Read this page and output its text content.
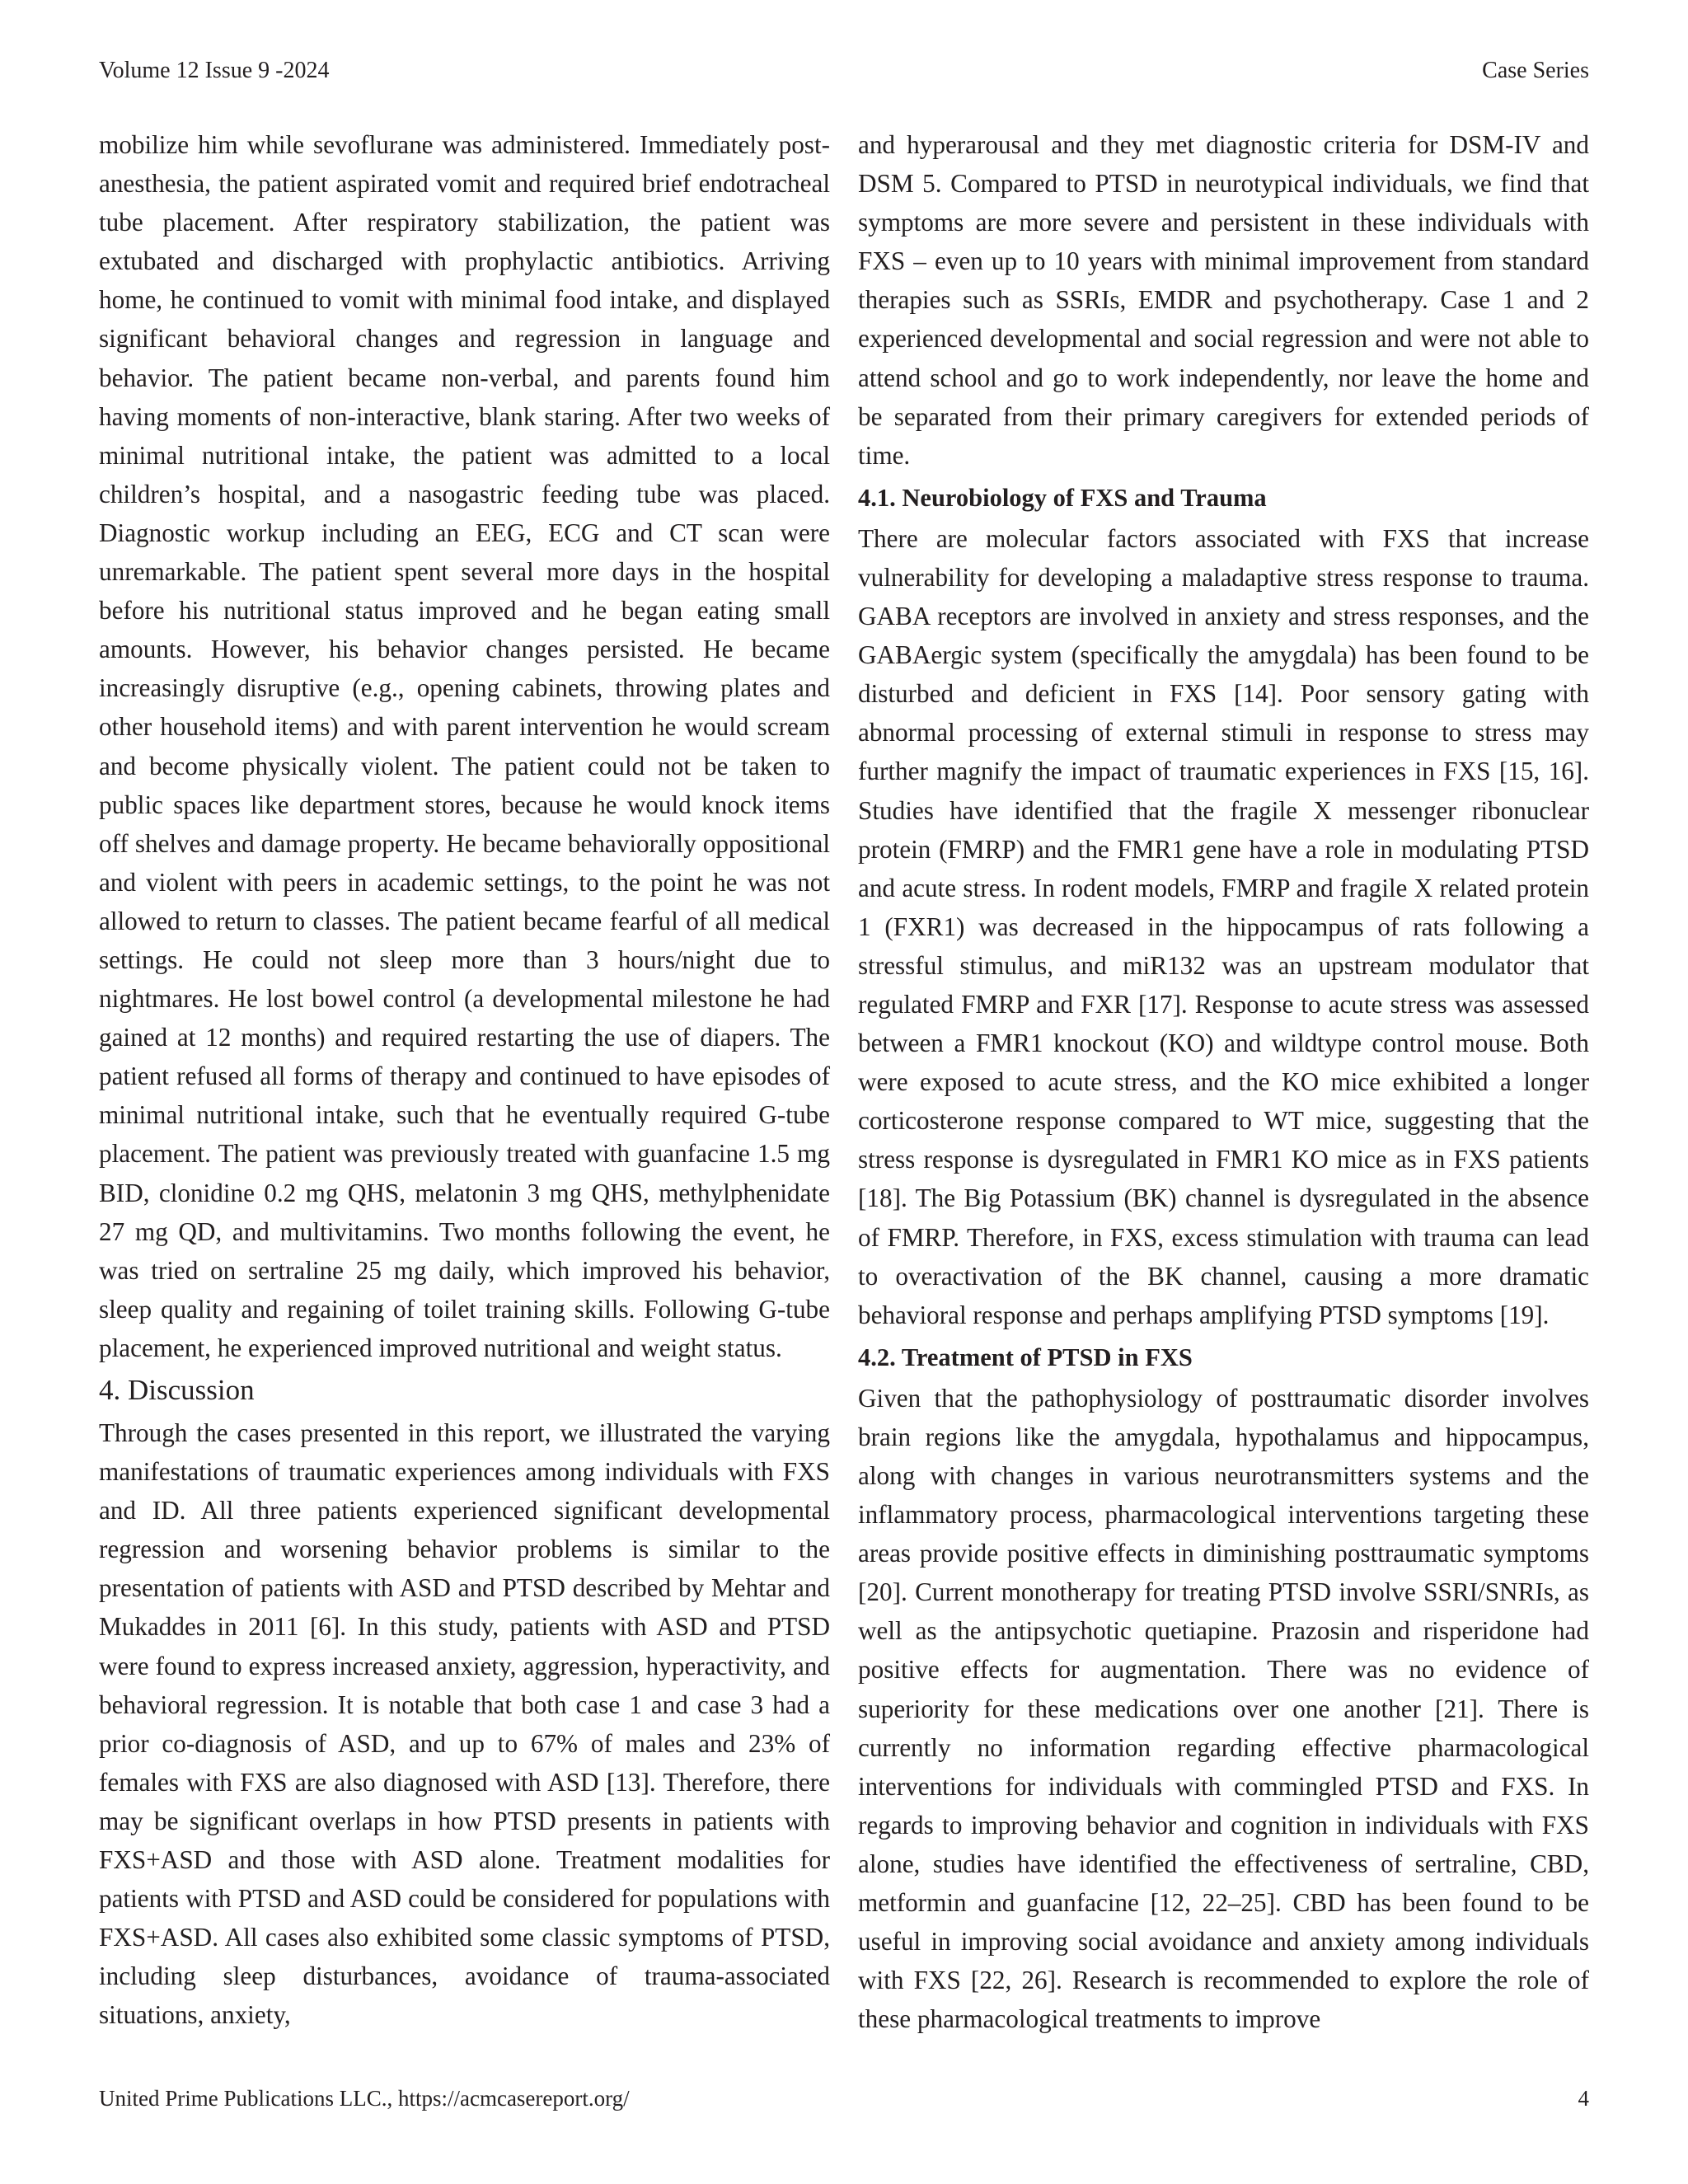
Volume 12 Issue 9 -2024	Case Series

mobilize him while sevoflurane was administered. Immediately post-anesthesia, the patient aspirated vomit and required brief endotracheal tube placement. After respiratory stabilization, the patient was extubated and discharged with prophylactic antibiotics. Arriving home, he continued to vomit with minimal food intake, and displayed significant behavioral changes and regression in language and behavior. The patient became non-verbal, and parents found him having moments of non-interactive, blank staring. After two weeks of minimal nutritional intake, the patient was admitted to a local children’s hospital, and a nasogastric feeding tube was placed. Diagnostic workup including an EEG, ECG and CT scan were unremarkable. The patient spent several more days in the hospital before his nutritional status improved and he began eating small amounts. However, his behavior changes persisted. He became increasingly disruptive (e.g., opening cabinets, throwing plates and other household items) and with parent intervention he would scream and become physically violent. The patient could not be taken to public spaces like department stores, because he would knock items off shelves and damage property. He became behaviorally oppositional and violent with peers in academic settings, to the point he was not allowed to return to classes. The patient became fearful of all medical settings. He could not sleep more than 3 hours/night due to nightmares. He lost bowel control (a developmental milestone he had gained at 12 months) and required restarting the use of diapers. The patient refused all forms of therapy and continued to have episodes of minimal nutritional intake, such that he eventually required G-tube placement. The patient was previously treated with guanfacine 1.5 mg BID, clonidine 0.2 mg QHS, melatonin 3 mg QHS, methylphenidate 27 mg QD, and multivitamins. Two months following the event, he was tried on sertraline 25 mg daily, which improved his behavior, sleep quality and regaining of toilet training skills. Following G-tube placement, he experienced improved nutritional and weight status.

4. Discussion

Through the cases presented in this report, we illustrated the varying manifestations of traumatic experiences among individuals with FXS and ID. All three patients experienced significant developmental regression and worsening behavior problems is similar to the presentation of patients with ASD and PTSD described by Mehtar and Mukaddes in 2011 [6]. In this study, patients with ASD and PTSD were found to express increased anxiety, aggression, hyperactivity, and behavioral regression. It is notable that both case 1 and case 3 had a prior co-diagnosis of ASD, and up to 67% of males and 23% of females with FXS are also diagnosed with ASD [13]. Therefore, there may be significant overlaps in how PTSD presents in patients with FXS+ASD and those with ASD alone. Treatment modalities for patients with PTSD and ASD could be considered for populations with FXS+ASD. All cases also exhibited some classic symptoms of PTSD, including sleep disturbances, avoidance of trauma-associated situations, anxiety,

and hyperarousal and they met diagnostic criteria for DSM-IV and DSM 5. Compared to PTSD in neurotypical individuals, we find that symptoms are more severe and persistent in these individuals with FXS – even up to 10 years with minimal improvement from standard therapies such as SSRIs, EMDR and psychotherapy. Case 1 and 2 experienced developmental and social regression and were not able to attend school and go to work independently, nor leave the home and be separated from their primary caregivers for extended periods of time.

4.1. Neurobiology of FXS and Trauma

There are molecular factors associated with FXS that increase vulnerability for developing a maladaptive stress response to trauma. GABA receptors are involved in anxiety and stress responses, and the GABAergic system (specifically the amygdala) has been found to be disturbed and deficient in FXS [14]. Poor sensory gating with abnormal processing of external stimuli in response to stress may further magnify the impact of traumatic experiences in FXS [15, 16]. Studies have identified that the fragile X messenger ribonuclear protein (FMRP) and the FMR1 gene have a role in modulating PTSD and acute stress. In rodent models, FMRP and fragile X related protein 1 (FXR1) was decreased in the hippocampus of rats following a stressful stimulus, and miR132 was an upstream modulator that regulated FMRP and FXR [17]. Response to acute stress was assessed between a FMR1 knockout (KO) and wildtype control mouse. Both were exposed to acute stress, and the KO mice exhibited a longer corticosterone response compared to WT mice, suggesting that the stress response is dysregulated in FMR1 KO mice as in FXS patients [18]. The Big Potassium (BK) channel is dysregulated in the absence of FMRP. Therefore, in FXS, excess stimulation with trauma can lead to overactivation of the BK channel, causing a more dramatic behavioral response and perhaps amplifying PTSD symptoms [19].

4.2. Treatment of PTSD in FXS

Given that the pathophysiology of posttraumatic disorder involves brain regions like the amygdala, hypothalamus and hippocampus, along with changes in various neurotransmitters systems and the inflammatory process, pharmacological interventions targeting these areas provide positive effects in diminishing posttraumatic symptoms [20]. Current monotherapy for treating PTSD involve SSRI/SNRIs, as well as the antipsychotic quetiapine. Prazosin and risperidone had positive effects for augmentation. There was no evidence of superiority for these medications over one another [21]. There is currently no information regarding effective pharmacological interventions for individuals with commingled PTSD and FXS. In regards to improving behavior and cognition in individuals with FXS alone, studies have identified the effectiveness of sertraline, CBD, metformin and guanfacine [12, 22–25]. CBD has been found to be useful in improving social avoidance and anxiety among individuals with FXS [22, 26]. Research is recommended to explore the role of these pharmacological treatments to improve

United Prime Publications LLC., https://acmcasereport.org/	4
